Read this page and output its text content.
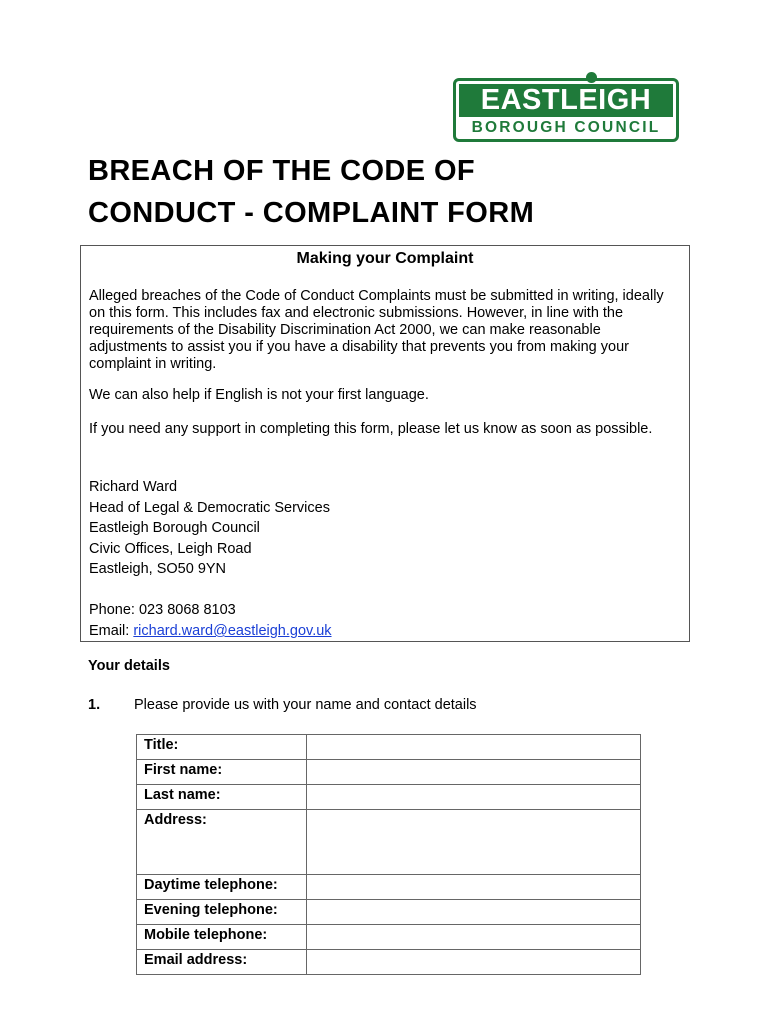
EASTLEIGH
BOROUGH COUNCIL
BREACH OF THE CODE OF
CONDUCT - COMPLAINT FORM
Making your Complaint

Alleged breaches of the Code of Conduct Complaints must be submitted in writing, ideally on this form. This includes fax and electronic submissions. However, in line with the requirements of the Disability Discrimination Act 2000, we can make reasonable adjustments to assist you if you have a disability that prevents you from making your complaint in writing.

We can also help if English is not your first language.

If you need any support in completing this form, please let us know as soon as possible.

Richard Ward
Head of Legal & Democratic Services
Eastleigh Borough Council
Civic Offices, Leigh Road
Eastleigh, SO50 9YN
Phone: 023 8068 8103
Email: richard.ward@eastleigh.gov.uk
Your details
1. Please provide us with your name and contact details
Title:	
First name:	
Last name:	
Address:	
Daytime telephone:	
Evening telephone:	
Mobile telephone:	
Email address:	
